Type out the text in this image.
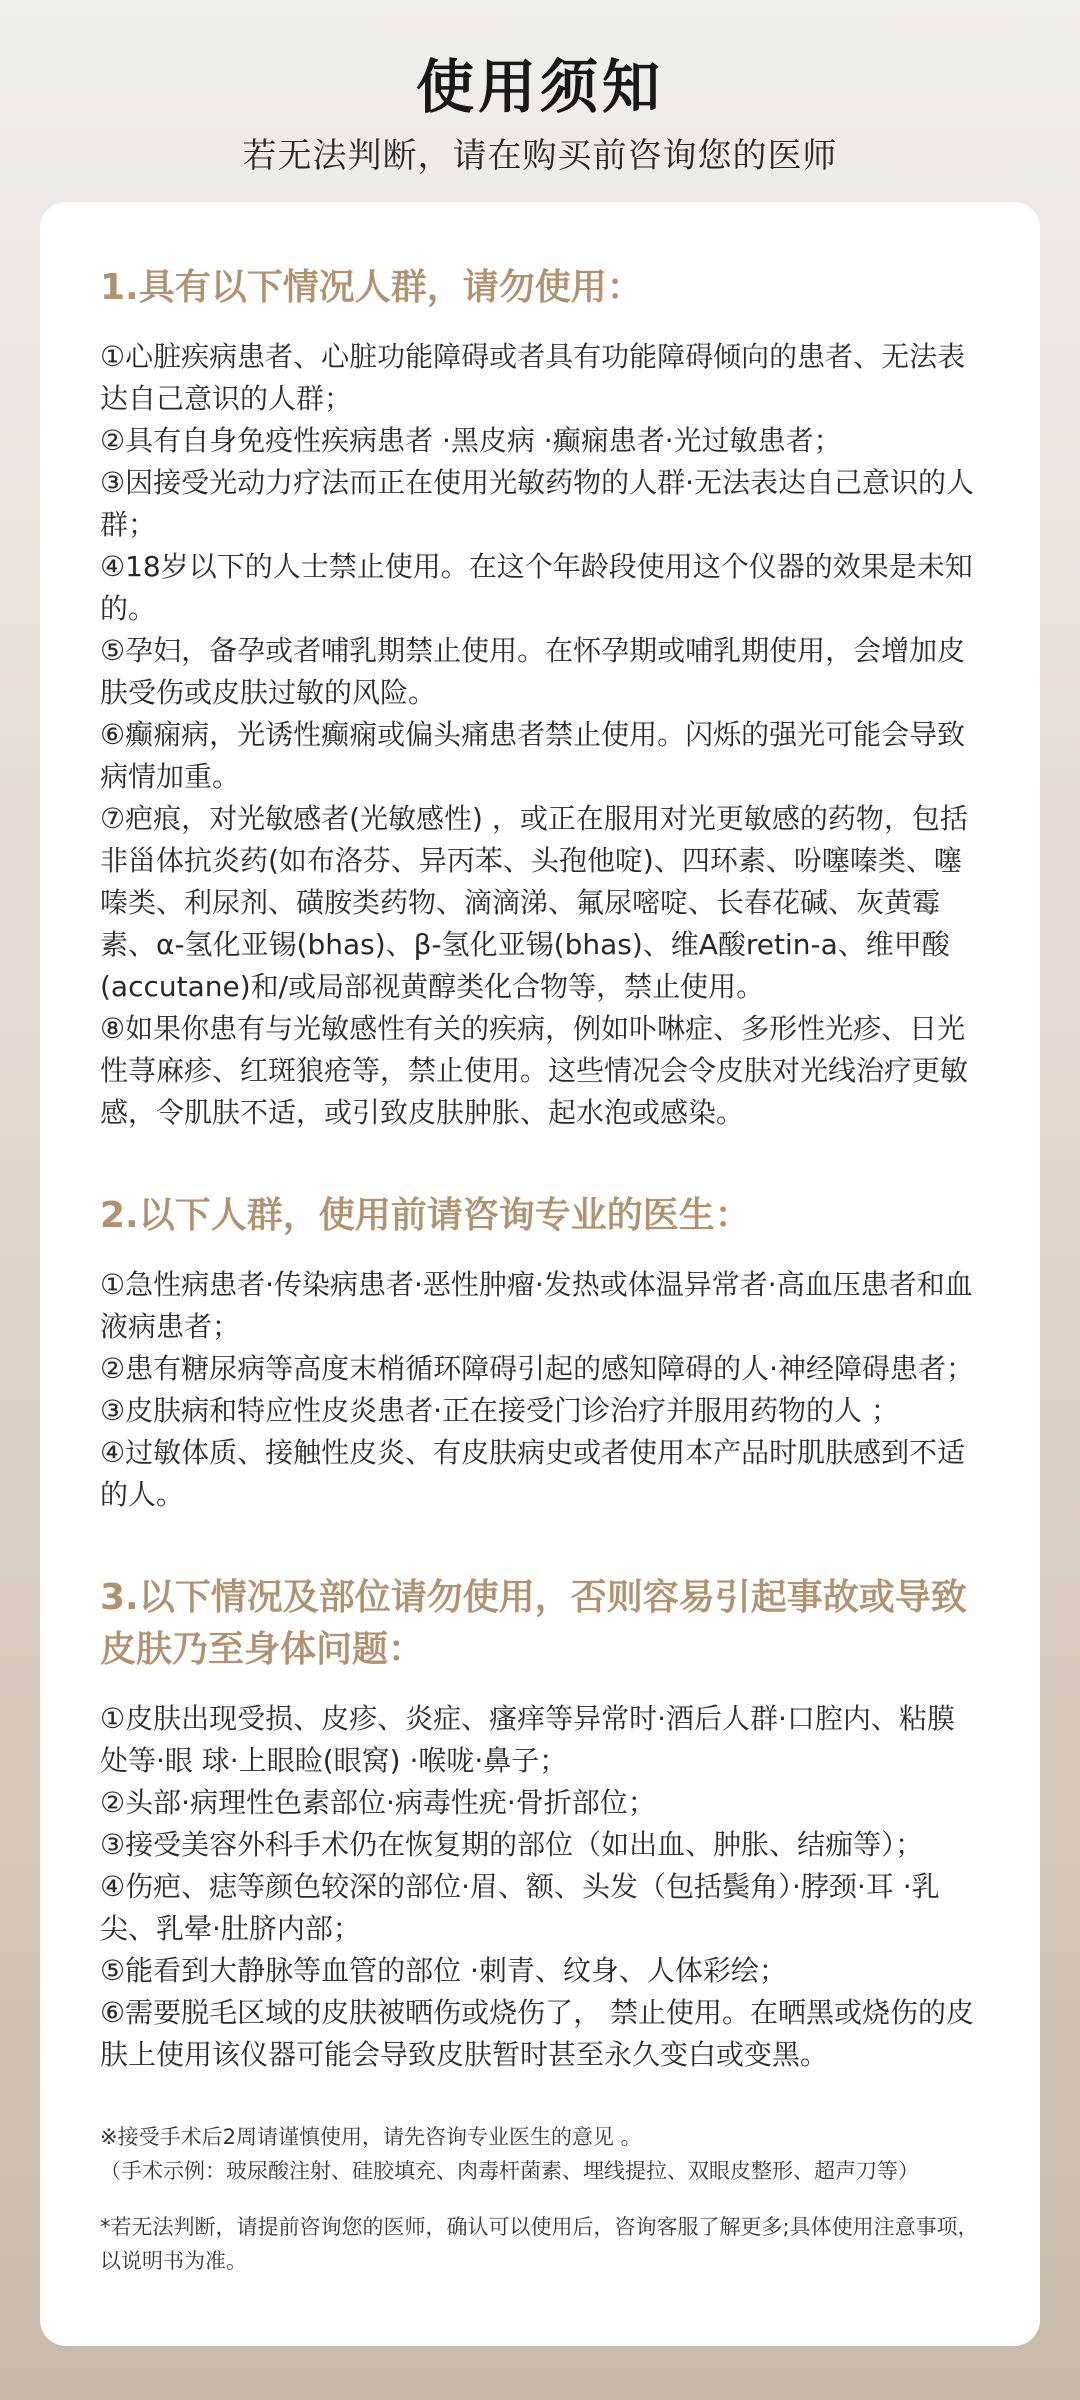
使用须知
若无法判断，请在购买前咨询您的医师
1.具有以下情况人群，请勿使用：

①心脏疾病患者、心脏功能障碍或者具有功能障碍倾向的患者、无法表达自己意识的人群；

②具有自身免疫性疾病患者 ·黑皮病 ·癫痫患者·光过敏患者；

③因接受光动力疗法而正在使用光敏药物的人群·无法表达自己意识的人群；

④18岁以下的人士禁止使用。在这个年龄段使用这个仪器的效果是未知的。

⑤孕妇，备孕或者哺乳期禁止使用。在怀孕期或哺乳期使用，会增加皮肤受伤或皮肤过敏的风险。

⑥癫痫病，光诱性癫痫或偏头痛患者禁止使用。闪烁的强光可能会导致病情加重。

⑦疤痕，对光敏感者(光敏感性) ，或正在服用对光更敏感的药物，包括非甾体抗炎药(如布洛芬、异丙苯、头孢他啶)、四环素、吩噻嗪类、噻嗪类、利尿剂、磺胺类药物、滴滴涕、氟尿嘧啶、长春花碱、灰黄霉素、α-氢化亚锡(bhas)、β-氢化亚锡(bhas)、维A酸retin-a、维甲酸(accutane)和/或局部视黄醇类化合物等，禁止使用。

⑧如果你患有与光敏感性有关的疾病，例如卟啉症、多形性光疹、日光性荨麻疹、红斑狼疮等，禁止使用。这些情况会令皮肤对光线治疗更敏感，令肌肤不适，或引致皮肤肿胀、起水泡或感染。

2.以下人群，使用前请咨询专业的医生：

①急性病患者·传染病患者·恶性肿瘤·发热或体温异常者·高血压患者和血液病患者；

②患有糖尿病等高度末梢循环障碍引起的感知障碍的人·神经障碍患者；

③皮肤病和特应性皮炎患者·正在接受门诊治疗并服用药物的人 ；

④过敏体质、接触性皮炎、有皮肤病史或者使用本产品时肌肤感到不适的人。

3.以下情况及部位请勿使用，否则容易引起事故或导致皮肤乃至身体问题：

①皮肤出现受损、皮疹、炎症、瘙痒等异常时·酒后人群·口腔内、粘膜处等·眼 球·上眼睑(眼窝) ·喉咙·鼻子；

②头部·病理性色素部位·病毒性疣·骨折部位；

③接受美容外科手术仍在恢复期的部位（如出血、肿胀、结痂等）；

④伤疤、痣等颜色较深的部位·眉、额、头发（包括鬓角）·脖颈·耳 ·乳尖、乳晕·肚脐内部；

⑤能看到大静脉等血管的部位 ·刺青、纹身、人体彩绘；

⑥需要脱毛区域的皮肤被晒伤或烧伤了， 禁止使用。在晒黑或烧伤的皮肤上使用该仪器可能会导致皮肤暂时甚至永久变白或变黑。

※接受手术后2周请谨慎使用，请先咨询专业医生的意见 。

（手术示例：玻尿酸注射、硅胶填充、肉毒杆菌素、埋线提拉、双眼皮整形、超声刀等）

*若无法判断，请提前咨询您的医师，确认可以使用后，咨询客服了解更多;具体使用注意事项，以说明书为准。
